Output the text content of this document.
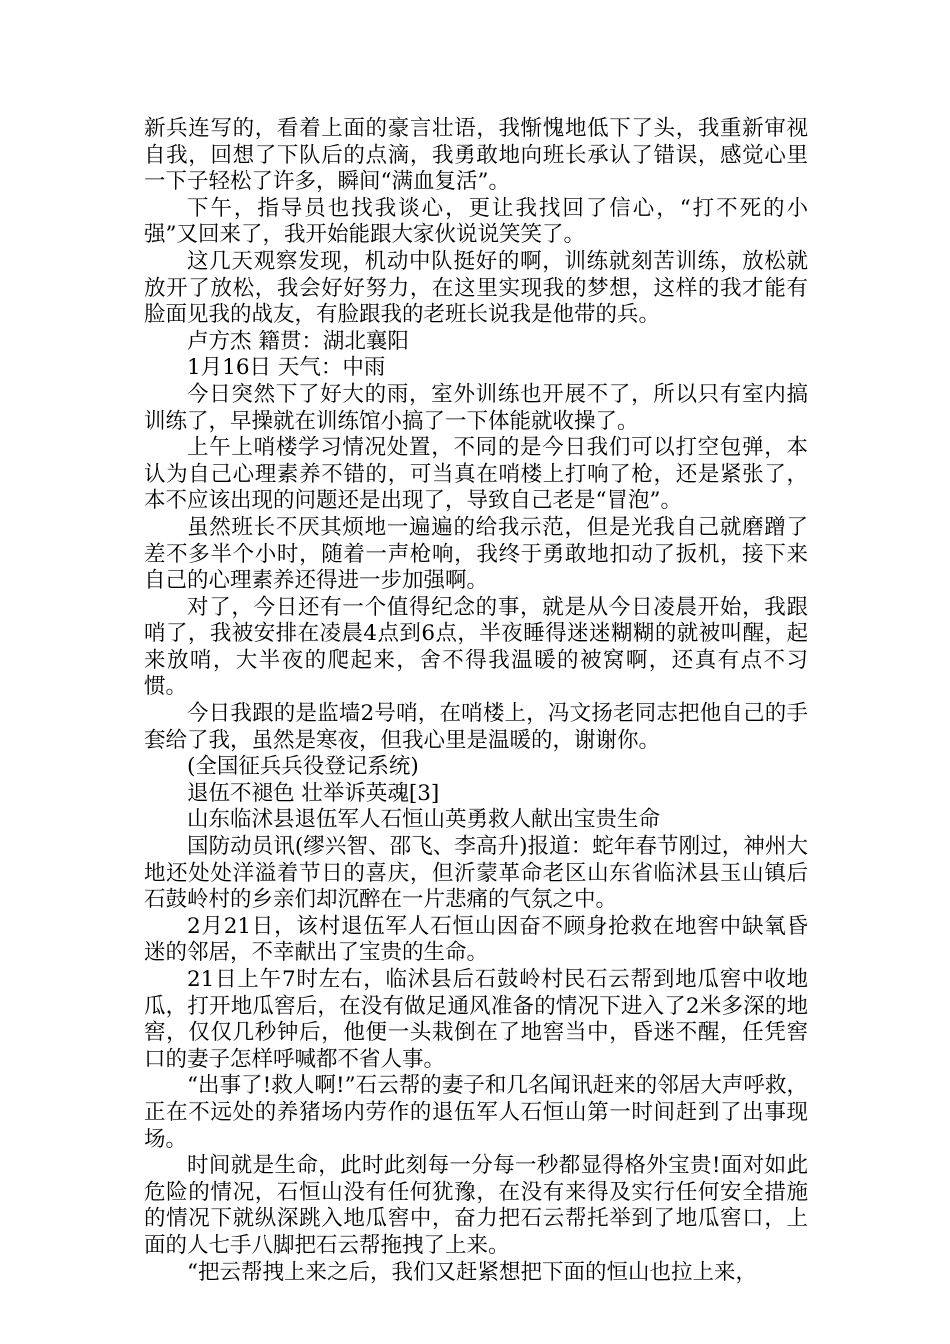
新兵连写的，看着上面的豪言壮语，我惭愧地低下了头，我重新审视自我，回想了下队后的点滴，我勇敢地向班长承认了错误，感觉心里一下子轻松了许多，瞬间“满血复活”。

下午，指导员也找我谈心，更让我找回了信心，“打不死的小强”又回来了，我开始能跟大家伙说说笑笑了。

这几天观察发现，机动中队挺好的啊，训练就刻苦训练，放松就放开了放松，我会好好努力，在这里实现我的梦想，这样的我才能有脸面见我的战友，有脸跟我的老班长说我是他带的兵。

卢方杰 籍贯：湖北襄阳

1月16日 天气：中雨

今日突然下了好大的雨，室外训练也开展不了，所以只有室内搞训练了，早操就在训练馆小搞了一下体能就收操了。

上午上哨楼学习情况处置，不同的是今日我们可以打空包弹，本认为自己心理素养不错的，可当真在哨楼上打响了枪，还是紧张了，本不应该出现的问题还是出现了，导致自己老是“冒泡”。

虽然班长不厌其烦地一遍遍的给我示范，但是光我自己就磨蹭了差不多半个小时，随着一声枪响，我终于勇敢地扣动了扳机，接下来自己的心理素养还得进一步加强啊。

对了，今日还有一个值得纪念的事，就是从今日凌晨开始，我跟哨了，我被安排在凌晨4点到6点，半夜睡得迷迷糊糊的就被叫醒，起来放哨，大半夜的爬起来，舍不得我温暖的被窝啊，还真有点不习惯。

今日我跟的是监墙2号哨，在哨楼上，冯文扬老同志把他自己的手套给了我，虽然是寒夜，但我心里是温暖的，谢谢你。

(全国征兵兵役登记系统)

退伍不褪色 壮举诉英魂[3]

山东临沭县退伍军人石恒山英勇救人献出宝贵生命

国防动员讯(缪兴智、邵飞、李高升)报道：蛇年春节刚过，神州大地还处处洋溢着节日的喜庆，但沂蒙革命老区山东省临沭县玉山镇后石鼓岭村的乡亲们却沉醉在一片悲痛的气氛之中。

2月21日，该村退伍军人石恒山因奋不顾身抢救在地窖中缺氧昏迷的邻居，不幸献出了宝贵的生命。

21日上午7时左右，临沭县后石鼓岭村民石云帮到地瓜窖中收地瓜，打开地瓜窖后，在没有做足通风准备的情况下进入了2米多深的地窖，仅仅几秒钟后，他便一头栽倒在了地窖当中，昏迷不醒，任凭窖口的妻子怎样呼喊都不省人事。

“出事了!救人啊!”石云帮的妻子和几名闻讯赶来的邻居大声呼救，正在不远处的养猪场内劳作的退伍军人石恒山第一时间赶到了出事现场。

时间就是生命，此时此刻每一分每一秒都显得格外宝贵!面对如此危险的情况，石恒山没有任何犹豫，在没有来得及实行任何安全措施的情况下就纵深跳入地瓜窖中，奋力把石云帮托举到了地瓜窖口，上面的人七手八脚把石云帮拖拽了上来。

“把云帮拽上来之后，我们又赶紧想把下面的恒山也拉上来，
